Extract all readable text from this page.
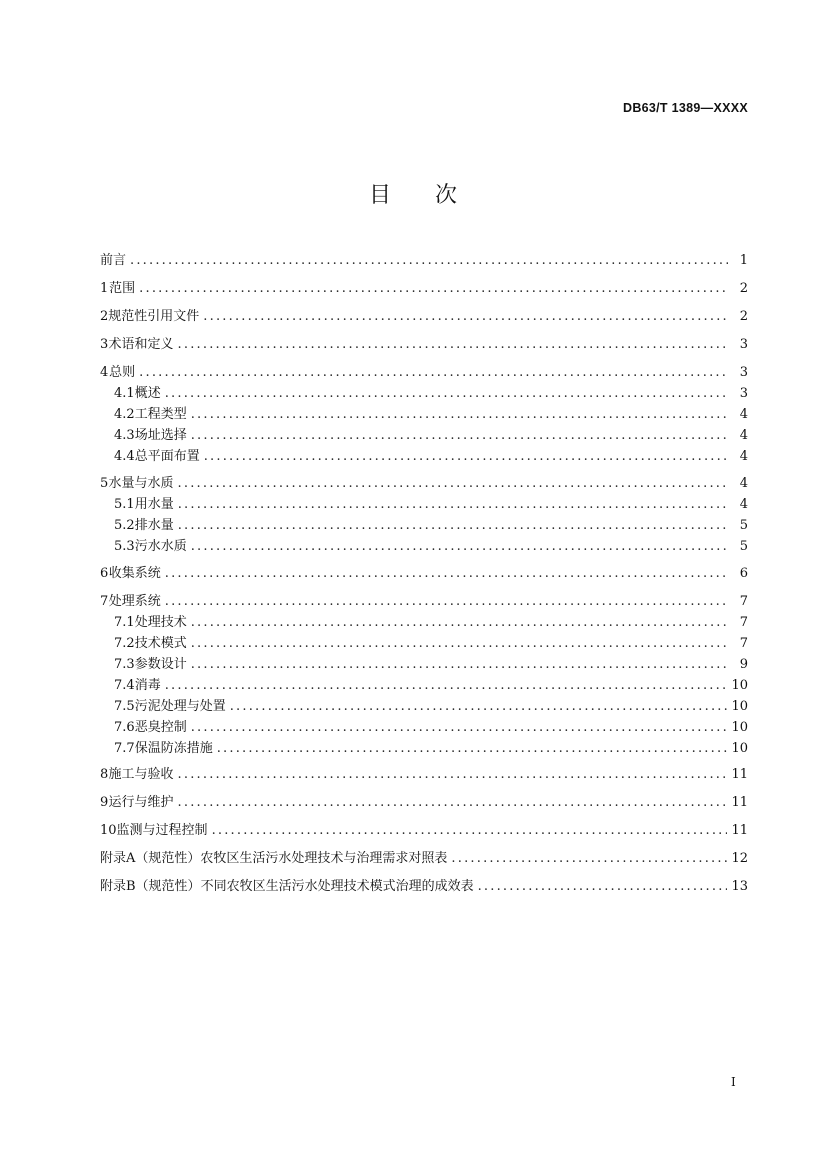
DB63/T 1389—XXXX
目 次
前言 .....	1
1 范围 .....	2
2 规范性引用文件 .....	2
3 术语和定义 .....	3
4 总则 .....	3
4.1 概述 .....	3
4.2 工程类型 .....	4
4.3 场址选择 .....	4
4.4 总平面布置 .....	4
5 水量与水质 .....	4
5.1 用水量 .....	4
5.2 排水量 .....	5
5.3 污水水质 .....	5
6 收集系统 .....	6
7 处理系统 .....	7
7.1 处理技术 .....	7
7.2 技术模式 .....	7
7.3 参数设计 .....	9
7.4 消毒 .....	10
7.5 污泥处理与处置 .....	10
7.6 恶臭控制 .....	10
7.7 保温防冻措施 .....	10
8 施工与验收 .....	11
9 运行与维护 .....	11
10 监测与过程控制 .....	11
附录A（规范性） 农牧区生活污水处理技术与治理需求对照表 .....	12
附录B（规范性） 不同农牧区生活污水处理技术模式治理的成效表 .....	13
I
